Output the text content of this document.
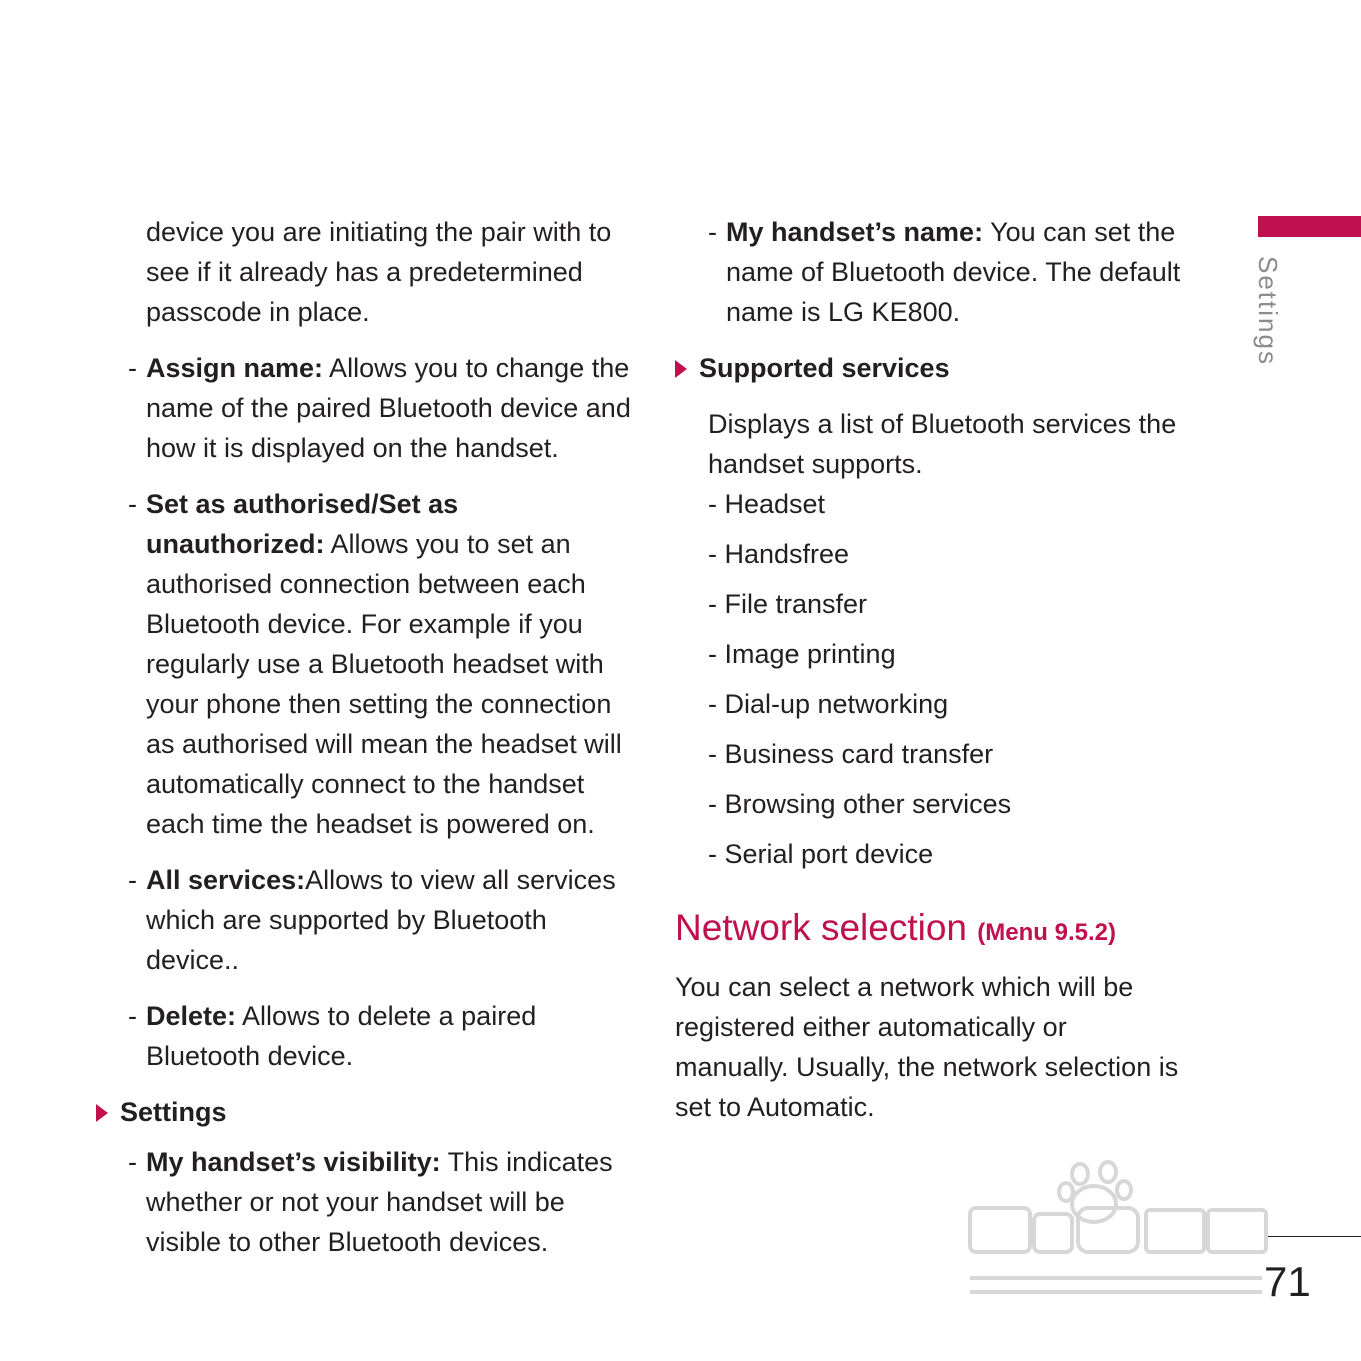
device you are initiating the pair with to see if it already has a predetermined passcode in place.
- Assign name: Allows you to change the name of the paired Bluetooth device and how it is displayed on the handset.
- Set as authorised/Set as unauthorized: Allows you to set an authorised connection between each Bluetooth device. For example if you regularly use a Bluetooth headset with your phone then setting the connection as authorised will mean the headset will automatically connect to the handset each time the headset is powered on.
- All services:Allows to view all services which are supported by Bluetooth device..
- Delete: Allows to delete a paired Bluetooth device.
Settings
- My handset’s visibility: This indicates whether or not your handset will be visible to other Bluetooth devices.
- My handset’s name: You can set the name of Bluetooth device. The default name is LG KE800.
Supported services
Displays a list of Bluetooth services the handset supports.
- Headset
- Handsfree
- File transfer
- Image printing
- Dial-up networking
- Business card transfer
- Browsing other services
- Serial port device
Network selection (Menu 9.5.2)
You can select a network which will be registered either automatically or manually. Usually, the network selection is set to Automatic.
Settings
71
